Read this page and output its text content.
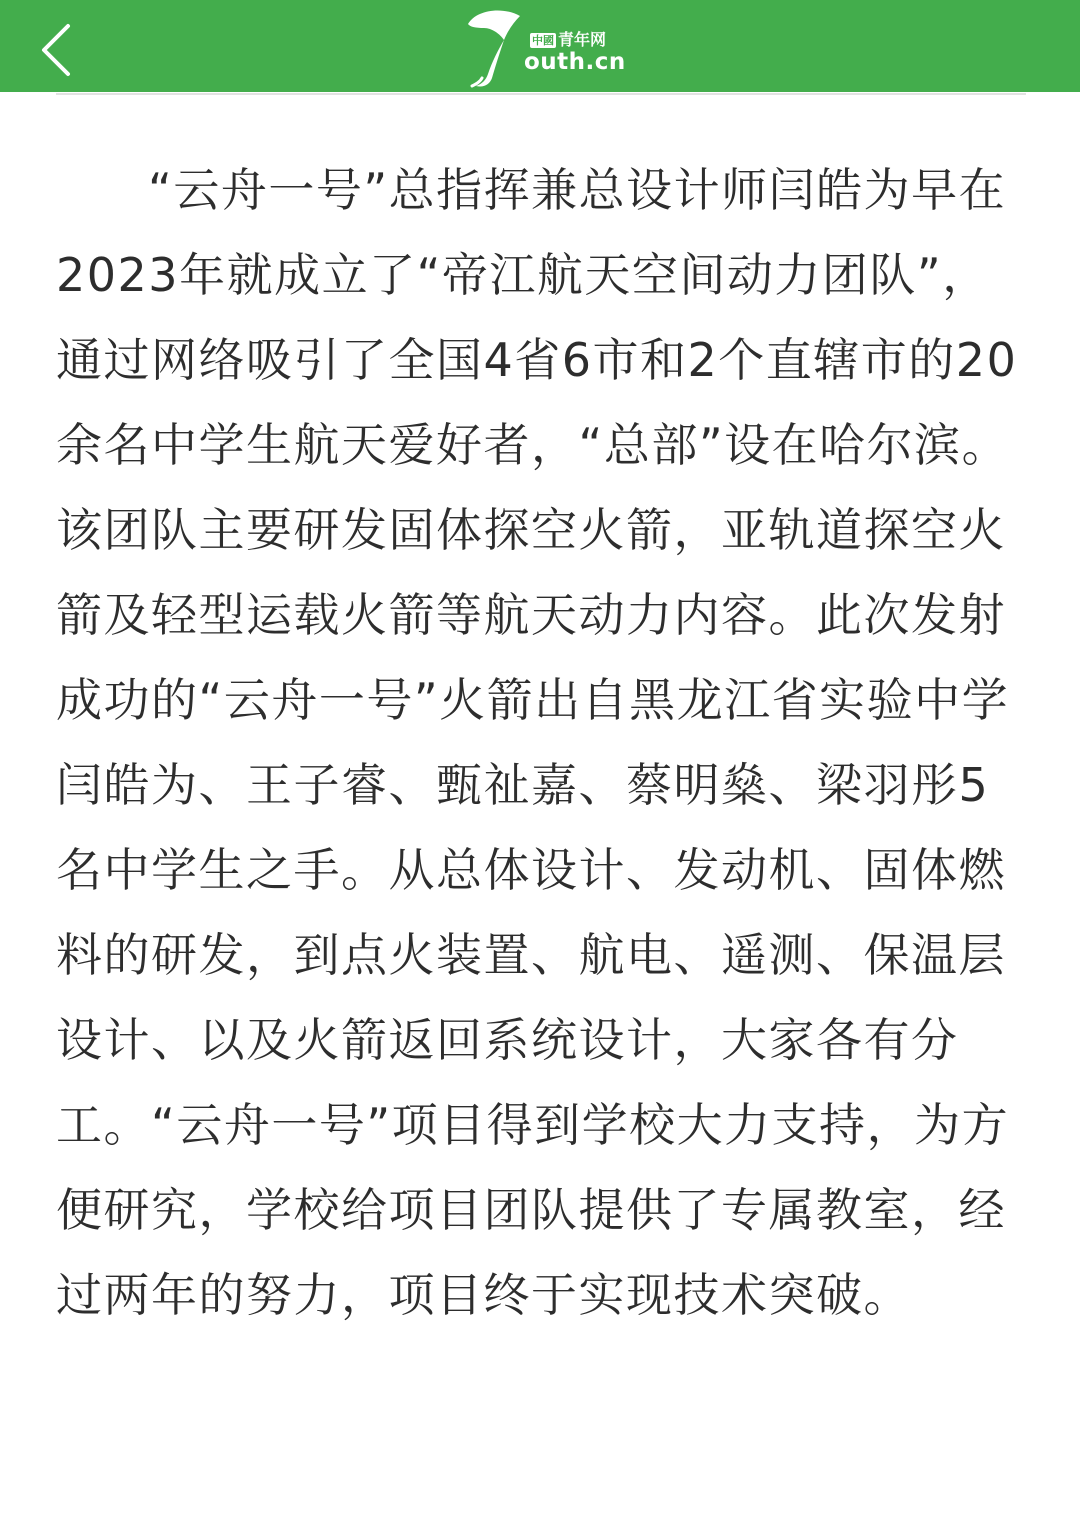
中國 青年网
outh.cn

“云舟一号”总指挥兼总设计师闫皓为早在2023年就成立了“帝江航天空间动力团队”，通过网络吸引了全国4省6市和2个直辖市的20余名中学生航天爱好者，“总部”设在哈尔滨。该团队主要研发固体探空火箭，亚轨道探空火箭及轻型运载火箭等航天动力内容。此次发射成功的“云舟一号”火箭出自黑龙江省实验中学闫皓为、王子睿、甄祉嘉、蔡明燊、梁羽彤5名中学生之手。从总体设计、发动机、固体燃料的研发，到点火装置、航电、遥测、保温层设计、以及火箭返回系统设计，大家各有分工。“云舟一号”项目得到学校大力支持，为方便研究，学校给项目团队提供了专属教室，经过两年的努力，项目终于实现技术突破。
